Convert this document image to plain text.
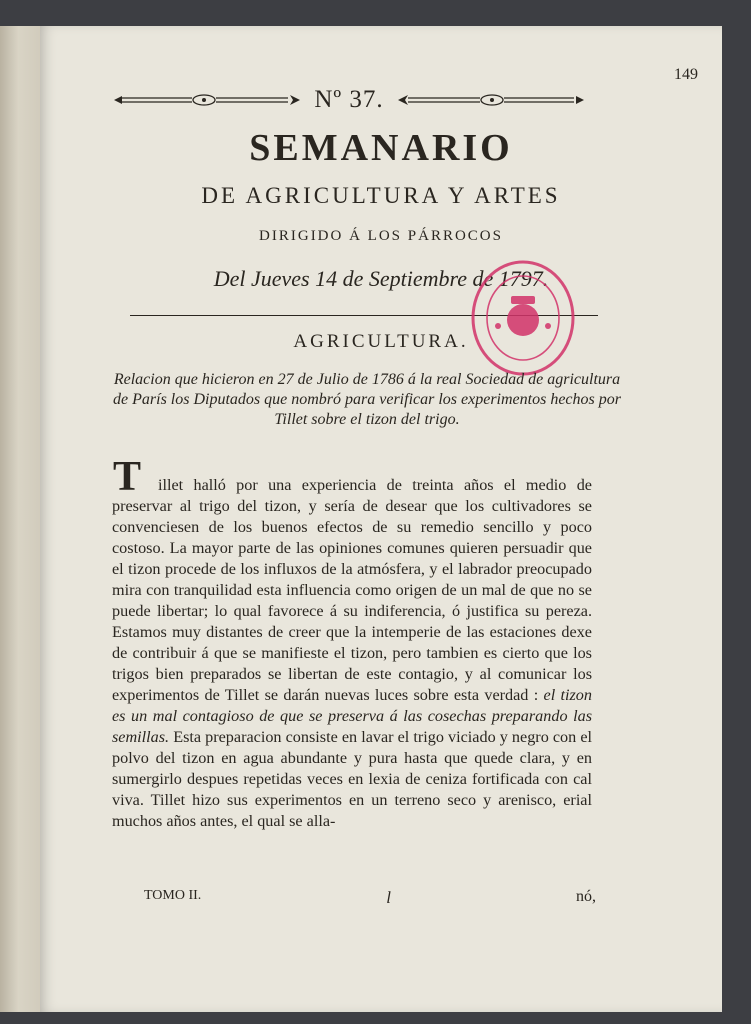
149
Nº 37.
SEMANARIO
DE AGRICULTURA Y ARTES
DIRIGIDO Á LOS PÁRROCOS
Del Jueves 14 de Septiembre de 1797.
AGRICULTURA.
Relacion que hicieron en 27 de Julio de 1786 á la real Sociedad de agricultura de París los Diputados que nombró para verificar los experimentos hechos por Tillet sobre el tizon del trigo.
T	illet halló por una experiencia de treinta años el medio de preservar al trigo del tizon, y sería de desear que los cultivadores se convenciesen de los buenos efectos de su remedio sencillo y poco costoso. La mayor parte de las opiniones comunes quieren persuadir que el tizon procede de los influxos de la atmósfera, y el labrador preocupado mira con tranquilidad esta influencia como origen de un mal de que no se puede libertar; lo qual favorece á su indiferencia, ó justifica su pereza. Estamos muy distantes de creer que la intemperie de las estaciones dexe de contribuir á que se manifieste el tizon, pero tambien es cierto que los trigos bien preparados se libertan de este contagio, y al comunicar los experimentos de Tillet se darán nuevas luces sobre esta verdad : el tizon es un mal contagioso de que se preserva á las cosechas preparando las semillas. Esta preparacion consiste en lavar el trigo viciado y negro con el polvo del tizon en agua abundante y pura hasta que quede clara, y en sumergirlo despues repetidas veces en lexia de ceniza fortificada con cal viva. Tillet hizo sus experimentos en un terreno seco y arenisco, erial muchos años antes, el qual se alla-
TOMO II.	l	nó,
